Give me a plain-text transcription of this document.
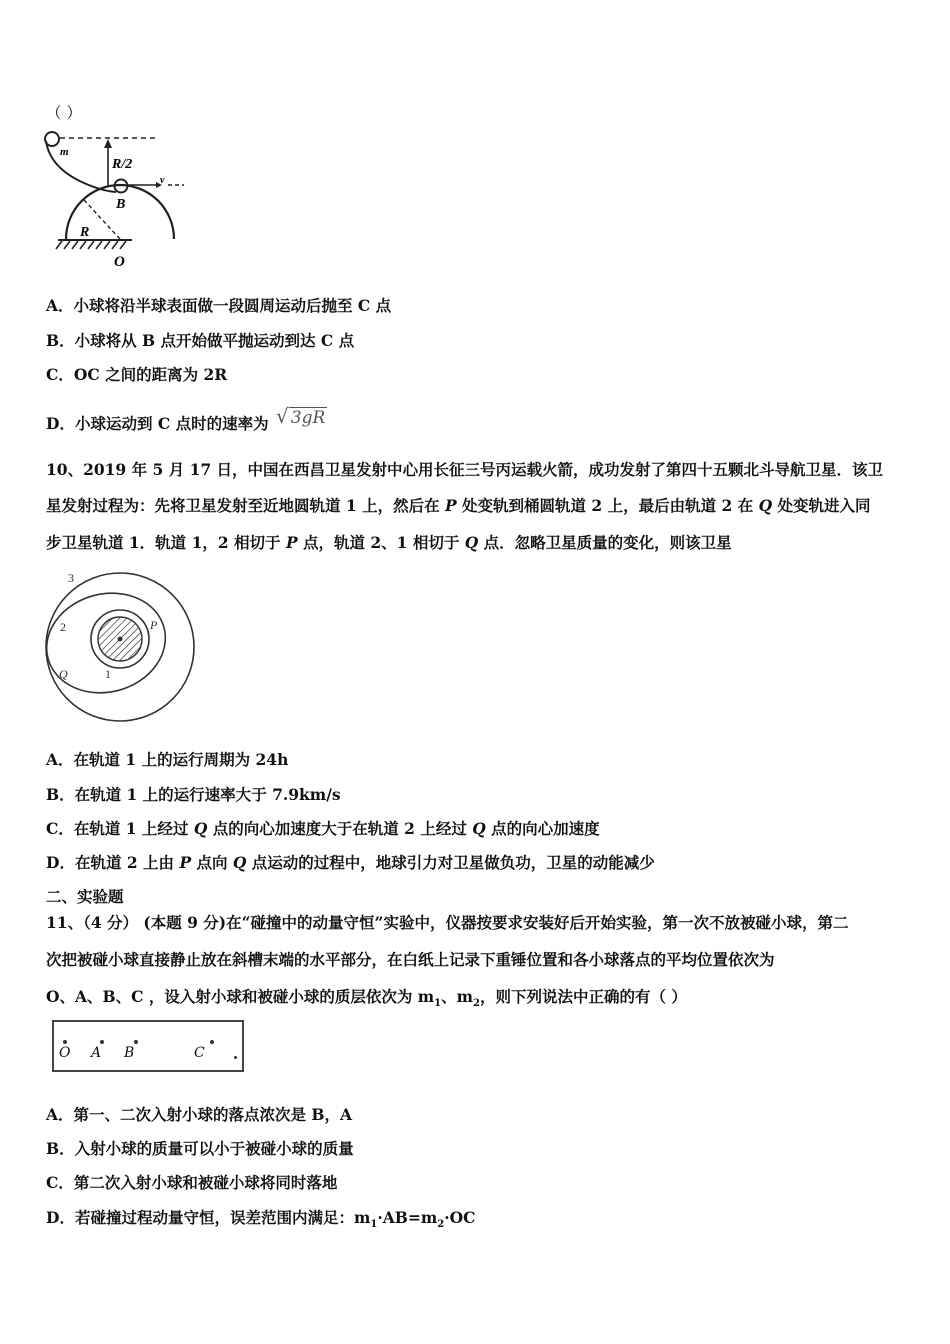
（ ）
m
R/2
v
B
R
O
A．小球将沿半球表面做一段圆周运动后抛至 C 点
B．小球将从 B 点开始做平抛运动到达 C 点
C．OC 之间的距离为 2R
D．小球运动到 C 点时的速率为 √ 3gR
10、2019 年 5 月 17 日，中国在西昌卫星发射中心用长征三号丙运载火箭，成功发射了第四十五颗北斗导航卫星．该卫
星发射过程为：先将卫星发射至近地圆轨道 1 上，然后在 P 处变轨到桶圆轨道 2 上，最后由轨道 2 在 Q 处变轨进入同
步卫星轨道 1．轨道 1，2 相切于 P 点，轨道 2、1 相切于 Q 点．忽略卫星质量的变化，则该卫星
3
2	P
Q	1
A．在轨道 1 上的运行周期为 24h
B．在轨道 1 上的运行速率大于 7.9km/s
C．在轨道 1 上经过 Q 点的向心加速度大于在轨道 2 上经过 Q 点的向心加速度
D．在轨道 2 上由 P 点向 Q 点运动的过程中，地球引力对卫星做负功，卫星的动能减少
二、实验题
11、（4 分） (本题 9 分)在“碰撞中的动量守恒”实验中，仪器按要求安装好后开始实验，第一次不放被碰小球，第二
次把被碰小球直接静止放在斜槽末端的水平部分，在白纸上记录下重锤位置和各小球落点的平均位置依次为
O、A、B、C ，设入射小球和被碰小球的质层依次为 $m_1$、$m_2$，则下列说法中正确的有（ ）
O A B	C
A．第一、二次入射小球的落点浓次是 B，A
B．入射小球的质量可以小于被碰小球的质量
C．第二次入射小球和被碰小球将同时落地
D．若碰撞过程动量守恒，误差范围内满足：$m_1\cdot AB=m_2\cdot OC$
